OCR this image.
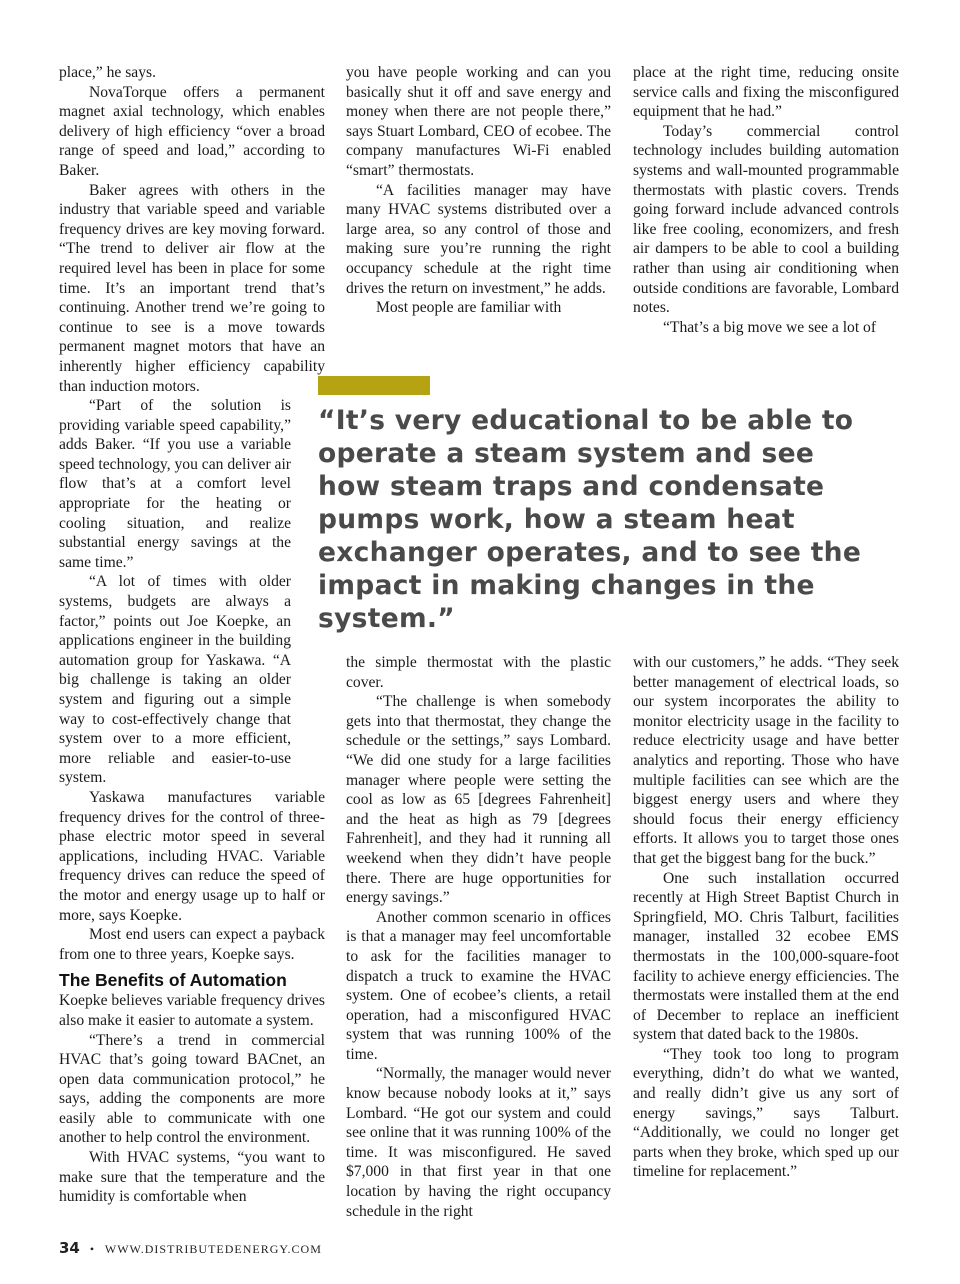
place,” he says.

NovaTorque offers a permanent magnet axial technology, which enables delivery of high efficiency “over a broad range of speed and load,” according to Baker.

Baker agrees with others in the industry that variable speed and variable frequency drives are key moving forward. “The trend to deliver air flow at the required level has been in place for some time. It’s an important trend that’s continuing. Another trend we’re going to continue to see is a move towards permanent magnet motors that have an inherently higher efficiency capability than induction motors.

“Part of the solution is providing variable speed capability,” adds Baker. “If you use a variable speed technology, you can deliver air flow that’s at a comfort level appropriate for the heating or cooling situation, and realize substantial energy savings at the same time.”

“A lot of times with older systems, budgets are always a factor,” points out Joe Koepke, an applications engineer in the building automation group for Yaskawa. “A big challenge is taking an older system and figuring out a simple way to cost-effectively change that system over to a more efficient, more reliable and easier-to-use system.

Yaskawa manufactures variable frequency drives for the control of three-phase electric motor speed in several applications, including HVAC. Variable frequency drives can reduce the speed of the motor and energy usage up to half or more, says Koepke.

Most end users can expect a payback from one to three years, Koepke says.

The Benefits of Automation

Koepke believes variable frequency drives also make it easier to automate a system.

“There’s a trend in commercial HVAC that’s going toward BACnet, an open data communication protocol,” he says, adding the components are more easily able to communicate with one another to help control the environment.

With HVAC systems, “you want to make sure that the temperature and the humidity is comfortable when

you have people working and can you basically shut it off and save energy and money when there are not people there,” says Stuart Lombard, CEO of ecobee. The company manufactures Wi-Fi enabled “smart” thermostats.

“A facilities manager may have many HVAC systems distributed over a large area, so any control of those and making sure you’re running the right occupancy schedule at the right time drives the return on investment,” he adds.

Most people are familiar with

place at the right time, reducing onsite service calls and fixing the misconfigured equipment that he had.”

Today’s commercial control technology includes building automation systems and wall-mounted programmable thermostats with plastic covers. Trends going forward include advanced controls like free cooling, economizers, and fresh air dampers to be able to cool a building rather than using air conditioning when outside conditions are favorable, Lombard notes.

“That’s a big move we see a lot of

“It’s very educational to be able to operate a steam system and see how steam traps and condensate pumps work, how a steam heat exchanger operates, and to see the impact in making changes in the system.”

the simple thermostat with the plastic cover.

“The challenge is when somebody gets into that thermostat, they change the schedule or the settings,” says Lombard. “We did one study for a large facilities manager where people were setting the cool as low as 65 [degrees Fahrenheit] and the heat as high as 79 [degrees Fahrenheit], and they had it running all weekend when they didn’t have people there. There are huge opportunities for energy savings.”

Another common scenario in offices is that a manager may feel uncomfortable to ask for the facilities manager to dispatch a truck to examine the HVAC system. One of ecobee’s clients, a retail operation, had a misconfigured HVAC system that was running 100% of the time.

“Normally, the manager would never know because nobody looks at it,” says Lombard. “He got our system and could see online that it was running 100% of the time. It was misconfigured. He saved $7,000 in that first year in that one location by having the right occupancy schedule in the right

with our customers,” he adds. “They seek better management of electrical loads, so our system incorporates the ability to monitor electricity usage in the facility to reduce electricity usage and have better analytics and reporting. Those who have multiple facilities can see which are the biggest energy users and where they should focus their energy efficiency efforts. It allows you to target those ones that get the biggest bang for the buck.”

One such installation occurred recently at High Street Baptist Church in Springfield, MO. Chris Talburt, facilities manager, installed 32 ecobee EMS thermostats in the 100,000-square-foot facility to achieve energy efficiencies. The thermostats were installed them at the end of December to replace an inefficient system that dated back to the 1980s.

“They took too long to program everything, didn’t do what we wanted, and really didn’t give us any sort of energy savings,” says Talburt. “Additionally, we could no longer get parts when they broke, which sped up our timeline for replacement.”

34 • WWW.DISTRIBUTEDENERGY.COM
